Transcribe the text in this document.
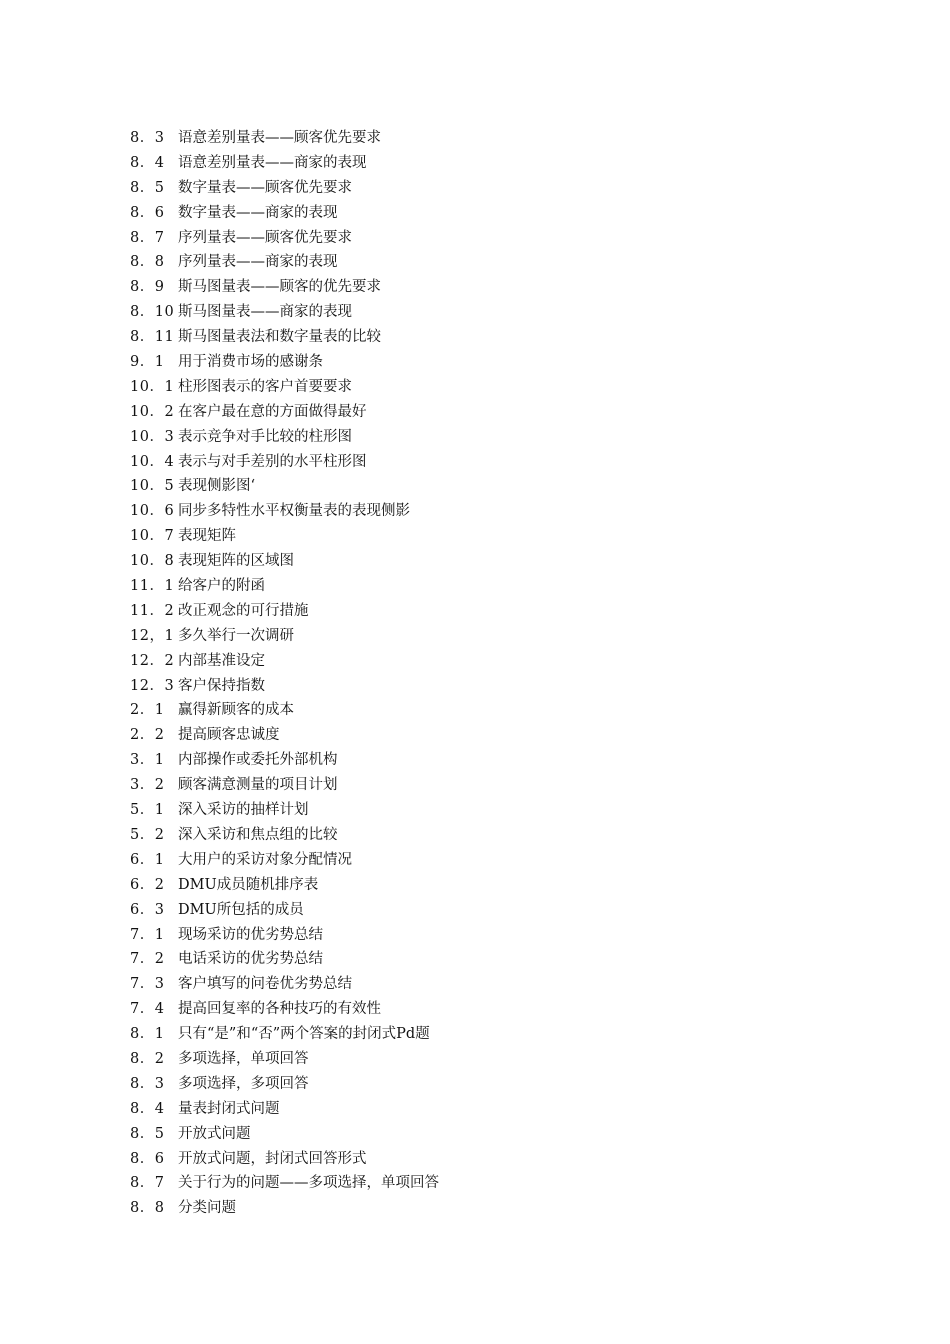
8．3 语意差别量表——顾客优先要求
8．4 语意差别量表——商家的表现
8．5 数字量表——顾客优先要求
8．6 数字量表——商家的表现
8．7 序列量表——顾客优先要求
8．8 序列量表——商家的表现
8．9 斯马图量表——顾客的优先要求
8．10 斯马图量表——商家的表现
8．11 斯马图量表法和数字量表的比较
9．1 用于消费市场的感谢条
10．1 柱形图表示的客户首要要求
10．2 在客户最在意的方面做得最好
10．3 表示竞争对手比较的柱形图
10．4 表示与对手差别的水平柱形图
10．5 表现侧影图‘
10．6 同步多特性水平权衡量表的表现侧影
10．7 表现矩阵
10．8 表现矩阵的区域图
11．1 给客户的附函
11．2 改正观念的可行措施
12，1 多久举行一次调研
12．2 内部基准设定
12．3 客户保持指数
2．1 赢得新顾客的成本
2．2 提高顾客忠诚度
3．1 内部操作或委托外部机构
3．2 顾客满意测量的项目计划
5．1 深入采访的抽样计划
5．2 深入采访和焦点组的比较
6．1 大用户的采访对象分配情况
6．2 DMU成员随机排序表
6．3 DMU所包括的成员
7．1 现场采访的优劣势总结
7．2 电话采访的优劣势总结
7．3 客户填写的问卷优劣势总结
7．4 提高回复率的各种技巧的有效性
8．1 只有“是”和“否”两个答案的封闭式Pd题
8．2 多项选择，单项回答
8．3 多项选择，多项回答
8．4 量表封闭式问题
8．5 开放式问题
8．6 开放式问题，封闭式回答形式
8．7 关于行为的问题——多项选择，单项回答
8．8 分类问题
